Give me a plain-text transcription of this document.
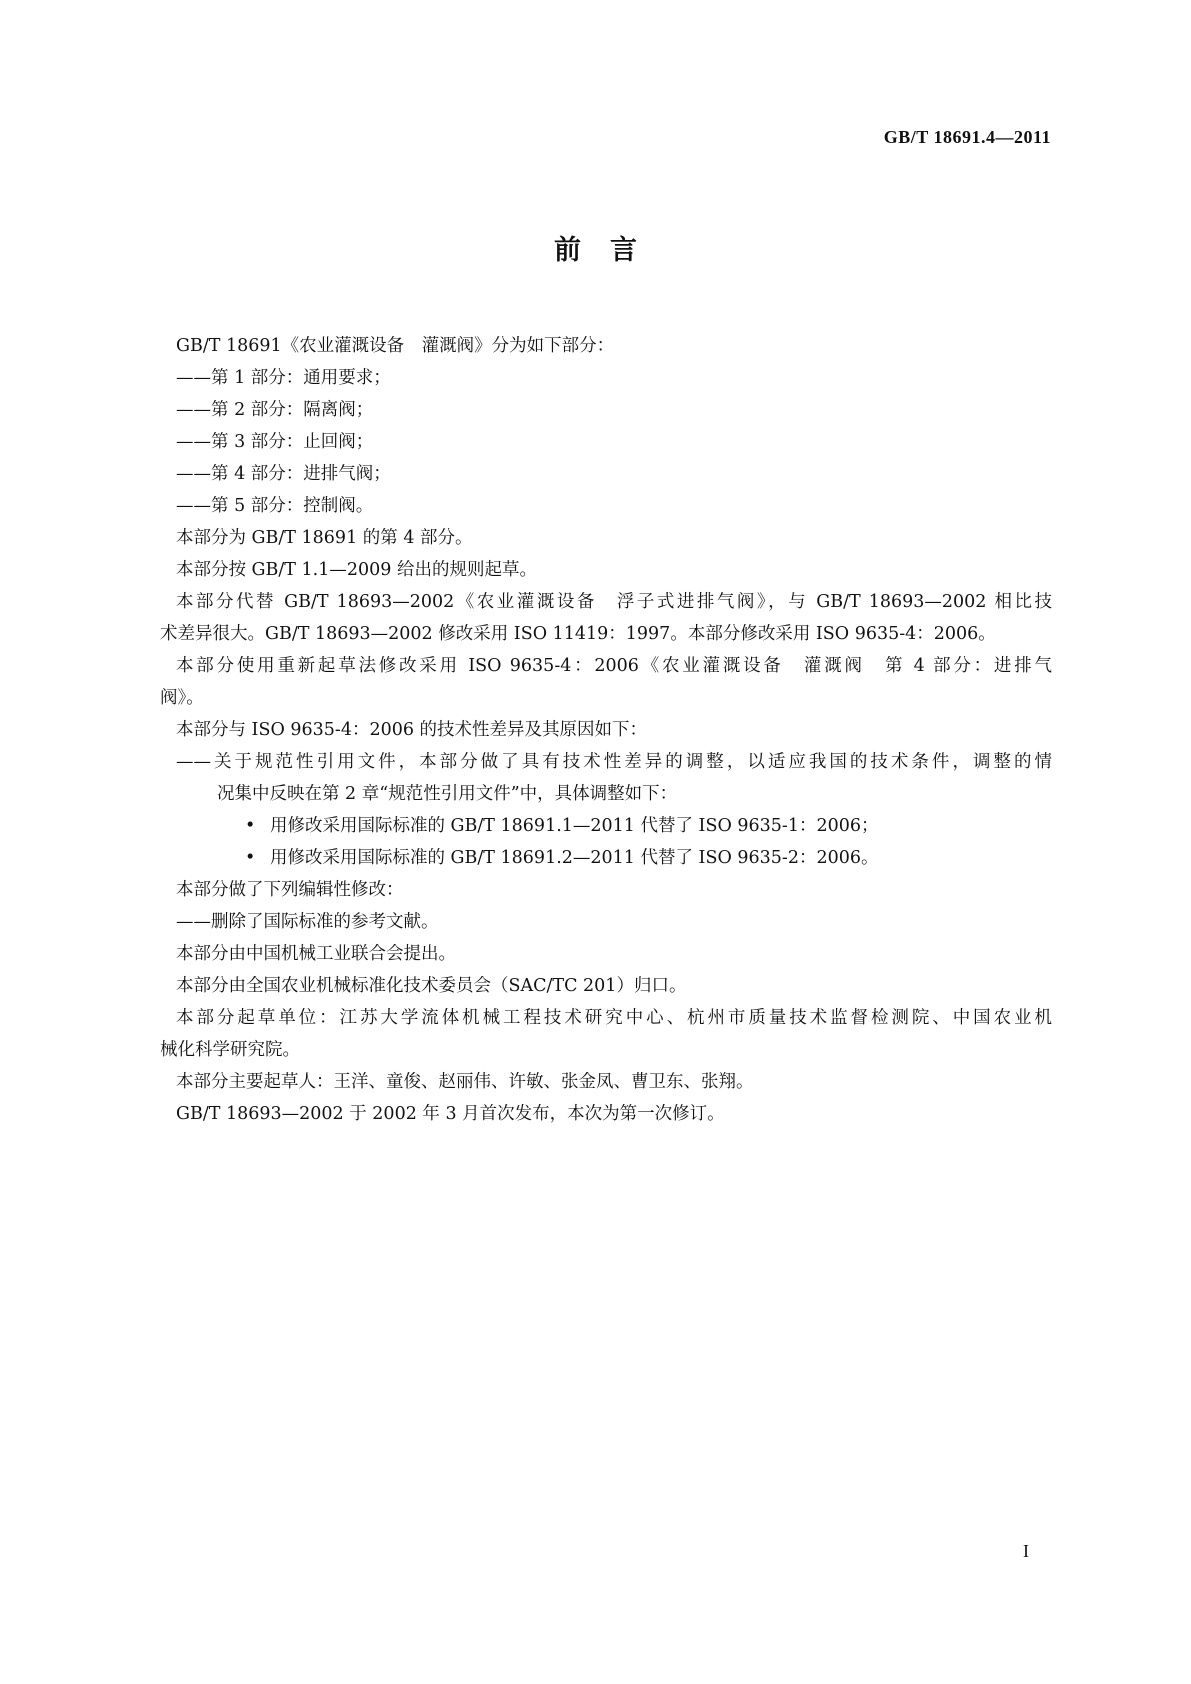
GB/T 18691.4—2011
前 言
GB/T 18691《农业灌溉设备　灌溉阀》分为如下部分：
——第 1 部分：通用要求；
——第 2 部分：隔离阀；
——第 3 部分：止回阀；
——第 4 部分：进排气阀；
——第 5 部分：控制阀。
本部分为 GB/T 18691 的第 4 部分。
本部分按 GB/T 1.1—2009 给出的规则起草。
本部分代替 GB/T 18693—2002《农业灌溉设备　浮子式进排气阀》，与 GB/T 18693—2002 相比技
术差异很大。GB/T 18693—2002 修改采用 ISO 11419：1997。本部分修改采用 ISO 9635-4：2006。
本部分使用重新起草法修改采用 ISO 9635-4：2006《农业灌溉设备　灌溉阀　第 4 部分：进排气
阀》。
本部分与 ISO 9635-4：2006 的技术性差异及其原因如下：
——关于规范性引用文件，本部分做了具有技术性差异的调整，以适应我国的技术条件，调整的情
况集中反映在第 2 章“规范性引用文件”中，具体调整如下：
• 用修改采用国际标准的 GB/T 18691.1—2011 代替了 ISO 9635-1：2006；
• 用修改采用国际标准的 GB/T 18691.2—2011 代替了 ISO 9635-2：2006。
本部分做了下列编辑性修改：
——删除了国际标准的参考文献。
本部分由中国机械工业联合会提出。
本部分由全国农业机械标准化技术委员会（SAC/TC 201）归口。
本部分起草单位：江苏大学流体机械工程技术研究中心、杭州市质量技术监督检测院、中国农业机
械化科学研究院。
本部分主要起草人：王洋、童俊、赵丽伟、许敏、张金凤、曹卫东、张翔。
GB/T 18693—2002 于 2002 年 3 月首次发布，本次为第一次修订。
I
